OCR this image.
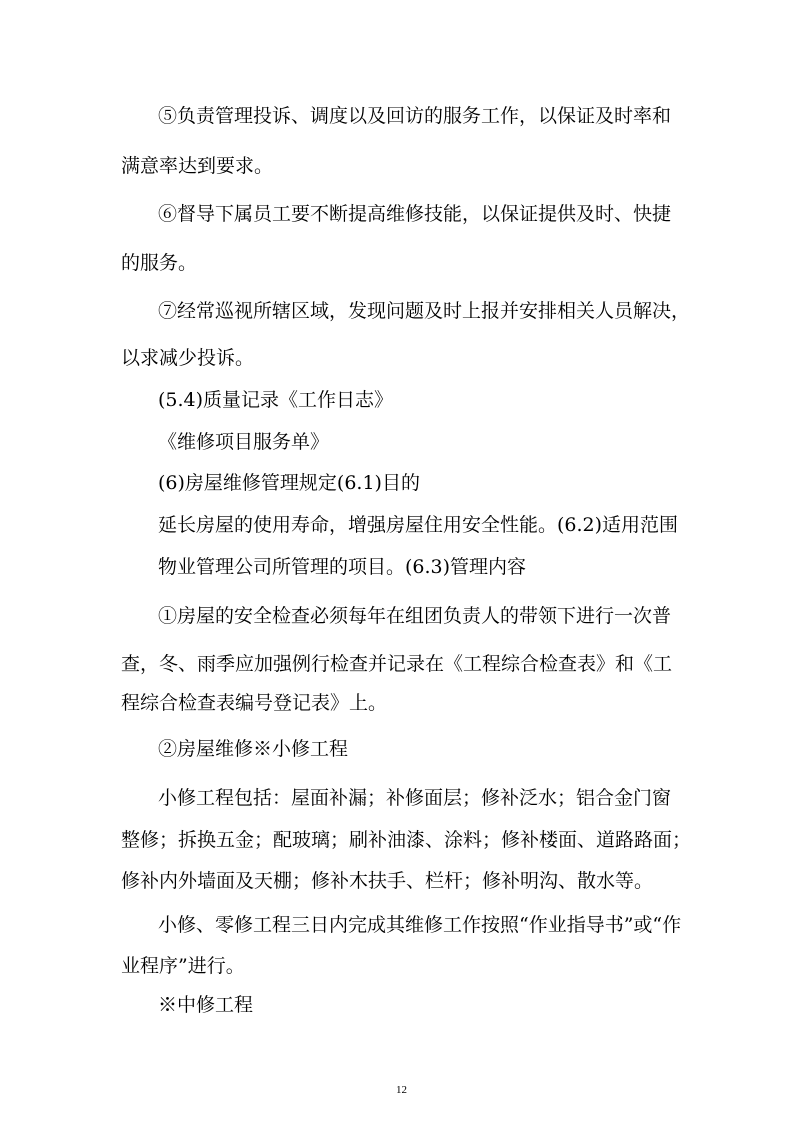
⑤负责管理投诉、调度以及回访的服务工作，以保证及时率和
满意率达到要求。
⑥督导下属员工要不断提高维修技能，以保证提供及时、快捷
的服务。
⑦经常巡视所辖区域，发现问题及时上报并安排相关人员解决，
以求减少投诉。
(5.4)质量记录《工作日志》
《维修项目服务单》
(6)房屋维修管理规定(6.1)目的
延长房屋的使用寿命，增强房屋住用安全性能。(6.2)适用范围
物业管理公司所管理的项目。(6.3)管理内容
①房屋的安全检查必须每年在组团负责人的带领下进行一次普
查，冬、雨季应加强例行检查并记录在《工程综合检查表》和《工
程综合检查表编号登记表》上。
②房屋维修※小修工程
小修工程包括：屋面补漏；补修面层；修补泛水；铝合金门窗
整修；拆换五金；配玻璃；刷补油漆、涂料；修补楼面、道路路面；
修补内外墙面及天棚；修补木扶手、栏杆；修补明沟、散水等。
小修、零修工程三日内完成其维修工作按照“作业指导书”或“作
业程序”进行。
※中修工程
12
